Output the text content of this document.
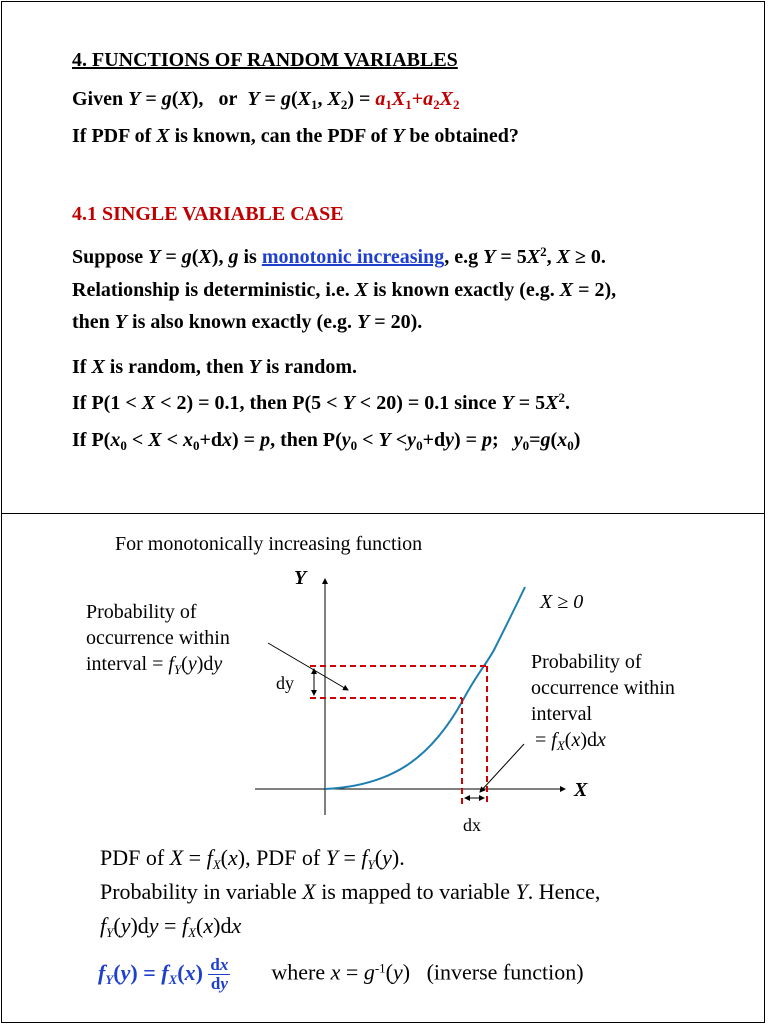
4. FUNCTIONS OF RANDOM VARIABLES
Given Y = g(X),   or $Y = g(X_1$, $X_2) = a_1X_1+a_2X_2$
If PDF of X is known, can the PDF of Y be obtained?
4.1 SINGLE VARIABLE CASE
Suppose Y = g(X), g is monotonic increasing, e.g $Y = 5X^2$, X ≥ 0.
Relationship is deterministic, i.e. X is known exactly (e.g. X = 2),
then Y is also known exactly (e.g. Y = 20).
If X is random, then Y is random.
If P(1 < X < 2) = 0.1, then P(5 < Y < 20) = 0.1 since $Y = 5X^2$.
If $P(x_0 < X < x_0+dx) = p$, then $P(y_0 < Y <y_0+dy) = p$;   $y_0=g(x_0)$
For monotonically increasing function
Y
X
X ≥ 0
Probability of
occurrence within
interval = $f_Y(y)dy$
dy
dx
Probability of
occurrence within
interval
= $f_X(x)dx$
PDF of $X = f_X(x)$, PDF of $Y = f_Y(y)$.
Probability in variable X is mapped to variable Y. Hence,
$f_Y(y)dy = f_X(x)dx$
$f_Y(y) = f_X(x) \frac{dx}{dy}$ where $x = g^{-1}(y)$   (inverse function)
